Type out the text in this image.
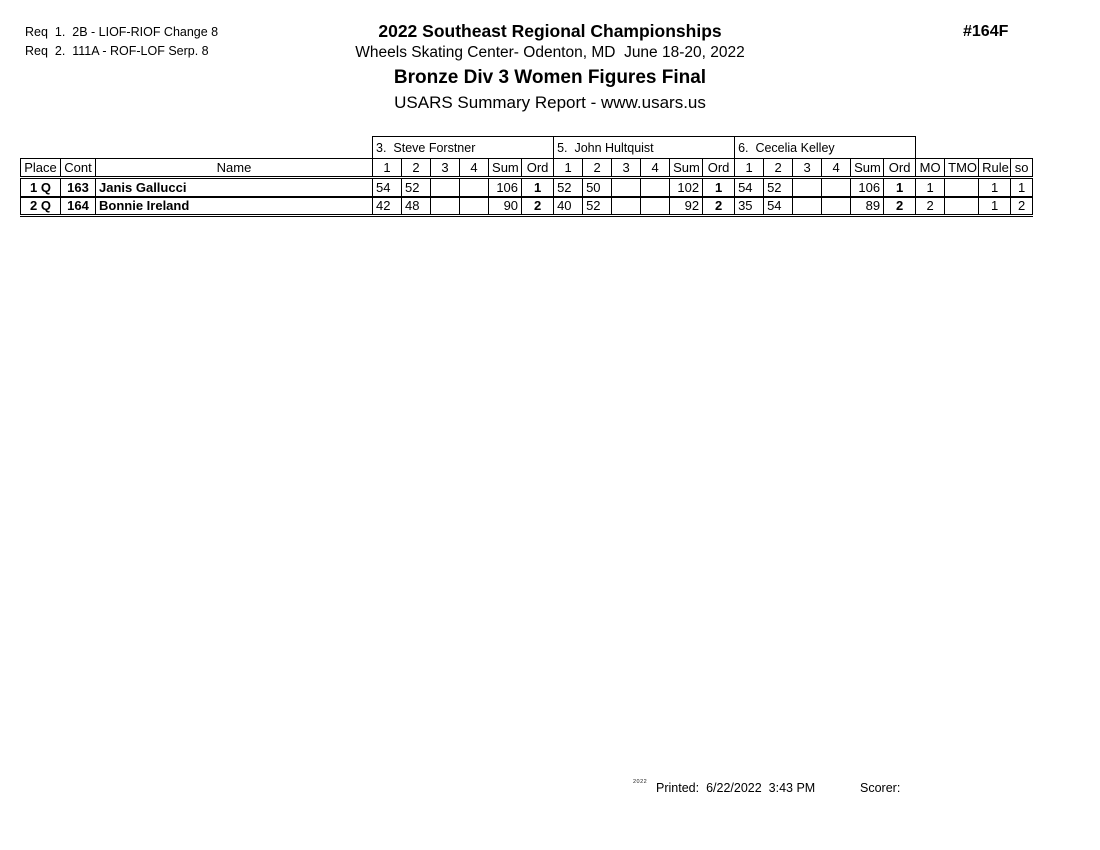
Req  1.  2B - LIOF-RIOF Change 8
Req  2.  111A - ROF-LOF Serp. 8
2022 Southeast Regional Championships
Wheels Skating Center- Odenton, MD  June 18-20, 2022
Bronze Div 3 Women Figures Final
USARS Summary Report - www.usars.us
#164F
			3.  Steve Forstner						5.  John Hultquist						6.  Cecelia Kelley									
Place	Cont	Name	1	2	3	4	Sum	Ord	1	2	3	4	Sum	Ord	1	2	3	4	Sum	Ord	MO	TMO	Rule	so
1 Q	163	Janis Gallucci	54	52			106	1	52	50			102	1	54	52			106	1	1		1	1
2 Q	164	Bonnie Ireland	42	48			90	2	40	52			92	2	35	54			89	2	2		1	2
2022 Printed: 6/22/2022  3:43 PM	Scorer:
